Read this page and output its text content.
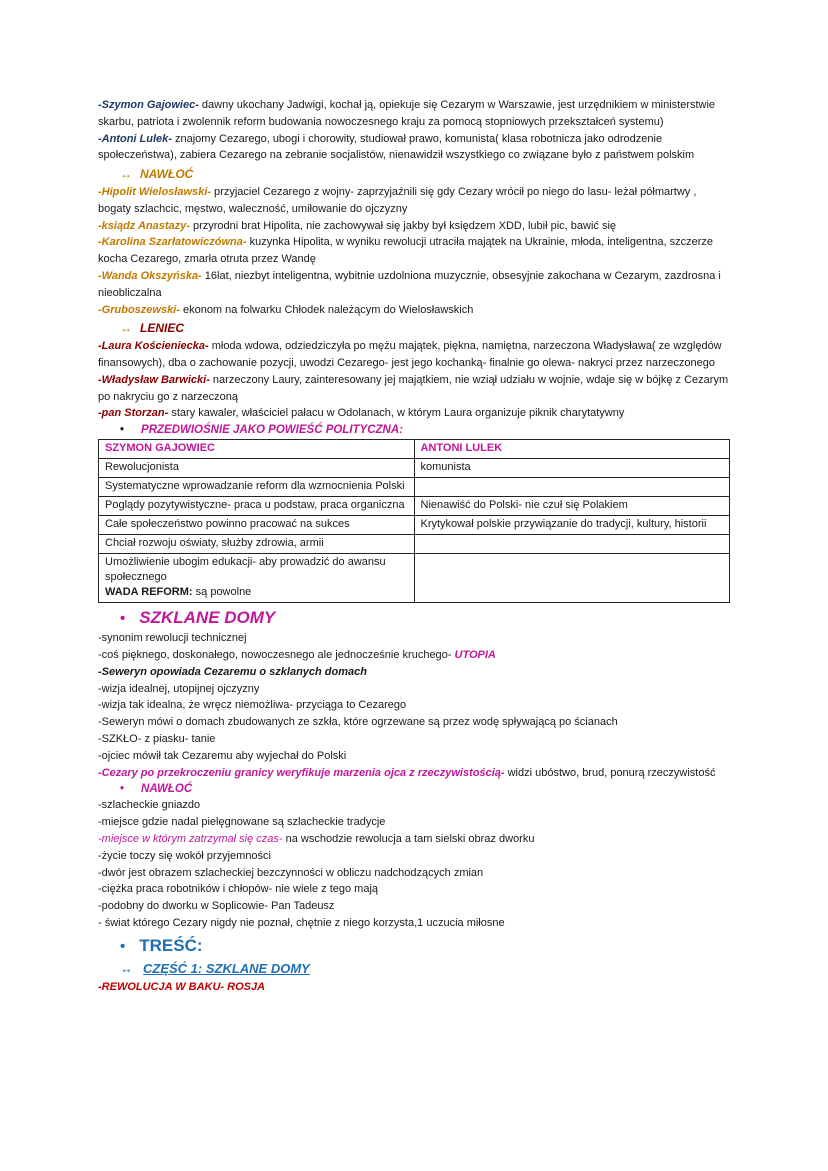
-Szymon Gajowiec- dawny ukochany Jadwigi, kochał ją, opiekuje się Cezarym w Warszawie, jest urzędnikiem w ministerstwie skarbu, patriota i zwolennik reform budowania nowoczesnego kraju za pomocą stopniowych przekształceń systemu)

-Antoni Lulek- znajomy Cezarego, ubogi i chorowity, studiował prawo, komunista( klasa robotnicza jako odrodzenie społeczeństwa), zabiera Cezarego na zebranie socjalistów, nienawidził wszystkiego co związane było z państwem polskim

↔ NAWŁOĆ

-Hipolit Wielosławski- przyjaciel Cezarego z wojny- zaprzyjaźnili się gdy Cezary wrócił po niego do lasu- leżał półmartwy , bogaty szlachcic, męstwo, waleczność, umiłowanie do ojczyzny

-ksiądz Anastazy- przyrodni brat Hipolita, nie zachowywał się jakby był księdzem XDD, lubił pic, bawić się

-Karolina Szarłatowiczówna- kuzynka Hipolita, w wyniku rewolucji utraciła majątek na Ukrainie, młoda, inteligentna, szczerze kocha Cezarego, zmarła otruta przez Wandę

-Wanda Okszyńska- 16lat, niezbyt inteligentna, wybitnie uzdolniona muzycznie, obsesyjnie zakochana w Cezarym, zazdrosna i nieobliczalna

-Gruboszewski- ekonom na folwarku Chłodek należącym do Wielosławskich

↔ LENIEC

-Laura Kościeniecka- młoda wdowa, odziedziczyła po mężu majątek, piękna, namiętna, narzeczona Władysława( ze względów finansowych), dba o zachowanie pozycji, uwodzi Cezarego- jest jego kochanką- finalnie go olewa- nakryci przez narzeczonego

-Władysław Barwicki- narzeczony Laury, zainteresowany jej majątkiem, nie wziął udziału w wojnie, wdaje się w bójkę z Cezarym po nakryciu go z narzeczoną

-pan Storzan- stary kawaler, właściciel pałacu w Odolanach, w którym Laura organizuje piknik charytatywny

• PRZEDWIOŚNIE JAKO POWIEŚĆ POLITYCZNA:

SZYMON GAJOWIEC	ANTONI LULEK
Rewolucjonista	komunista
Systematyczne wprowadzanie reform dla wzmocnienia Polski	
Poglądy pozytywistyczne- praca u podstaw, praca organiczna	Nienawiść do Polski- nie czuł się Polakiem
Całe społeczeństwo powinno pracować na sukces	Krytykował polskie przywiązanie do tradycji, kultury, historii
Chciał rozwoju oświaty, służby zdrowia, armii	
Umożliwienie ubogim edukacji- aby prowadzić do awansu społecznego
WADA REFORM: są powolne	

• SZKLANE DOMY

-synonim rewolucji technicznej

-coś pięknego, doskonałego, nowoczesnego ale jednocześnie kruchego- UTOPIA

-Seweryn opowiada Cezaremu o szklanych domach

-wizja idealnej, utopijnej ojczyzny

-wizja tak idealna, że wręcz niemożliwa- przyciąga to Cezarego

-Seweryn mówi o domach zbudowanych ze szkła, które ogrzewane są przez wodę spływającą po ścianach

-SZKŁO- z piasku- tanie

-ojciec mówił tak Cezaremu aby wyjechał do Polski

-Cezary po przekroczeniu granicy weryfikuje marzenia ojca z rzeczywistością- widzi ubóstwo, brud, ponurą rzeczywistość

• NAWŁOĆ

-szlacheckie gniazdo

-miejsce gdzie nadal pielęgnowane są szlacheckie tradycje

-miejsce w którym zatrzymał się czas- na wschodzie rewolucja a tam sielski obraz dworku

-życie toczy się wokół przyjemności

-dwór jest obrazem szlacheckiej bezczynności w obliczu nadchodzących zmian

-ciężka praca robotników i chłopów- nie wiele z tego mają

-podobny do dworku w Soplicowie- Pan Tadeusz

- świat którego Cezary nigdy nie poznał, chętnie z niego korzysta,1 uczucia miłosne

• TREŚĆ:

↔ CZĘŚĆ 1: SZKLANE DOMY

-REWOLUCJA W BAKU- ROSJA
